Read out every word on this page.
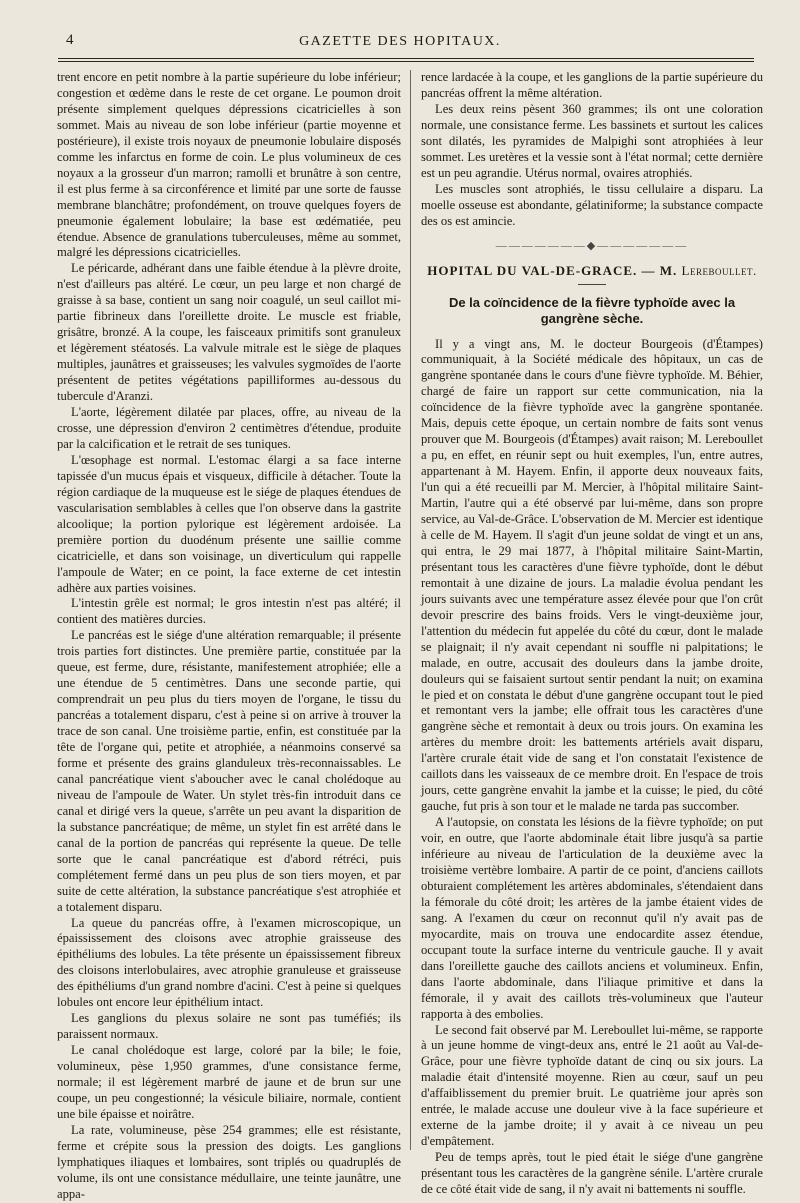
4	GAZETTE DES HOPITAUX.

trent encore en petit nombre à la partie supérieure du lobe inférieur; congestion et œdème dans le reste de cet organe. Le poumon droit présente simplement quelques dépressions cicatricielles à son sommet. Mais au niveau de son lobe inférieur (partie moyenne et postérieure), il existe trois noyaux de pneumonie lobulaire disposés comme les infarctus en forme de coin. Le plus volumineux de ces noyaux a la grosseur d'un marron; ramolli et brunâtre à son centre, il est plus ferme à sa circonférence et limité par une sorte de fausse membrane blanchâtre; profondément, on trouve quelques foyers de pneumonie également lobulaire; la base est œdématiée, peu étendue. Absence de granulations tuberculeuses, même au sommet, malgré les dépressions cicatricielles.

Le péricarde, adhérant dans une faible étendue à la plèvre droite, n'est d'ailleurs pas altéré. Le cœur, un peu large et non chargé de graisse à sa base, contient un sang noir coagulé, un seul caillot mi-partie fibrineux dans l'oreillette droite. Le muscle est friable, grisâtre, bronzé. A la coupe, les faisceaux primitifs sont granuleux et légèrement stéatosés. La valvule mitrale est le siège de plaques multiples, jaunâtres et graisseuses; les valvules sygmoïdes de l'aorte présentent de petites végétations papilliformes au-dessous du tubercule d'Aranzi.

L'aorte, légèrement dilatée par places, offre, au niveau de la crosse, une dépression d'environ 2 centimètres d'étendue, produite par la calcification et le retrait de ses tuniques.

L'œsophage est normal. L'estomac élargi a sa face interne tapissée d'un mucus épais et visqueux, difficile à détacher. Toute la région cardiaque de la muqueuse est le siége de plaques étendues de vascularisation semblables à celles que l'on observe dans la gastrite alcoolique; la portion pylorique est légèrement ardoisée. La première portion du duodénum présente une saillie comme cicatricielle, et dans son voisinage, un diverticulum qui rappelle l'ampoule de Water; en ce point, la face externe de cet intestin adhère aux parties voisines.

L'intestin grêle est normal; le gros intestin n'est pas altéré; il contient des matières durcies.

Le pancréas est le siége d'une altération remarquable; il présente trois parties fort distinctes. Une première partie, constituée par la queue, est ferme, dure, résistante, manifestement atrophiée; elle a une étendue de 5 centimètres. Dans une seconde partie, qui comprendrait un peu plus du tiers moyen de l'organe, le tissu du pancréas a totalement disparu, c'est à peine si on arrive à trouver la trace de son canal. Une troisième partie, enfin, est constituée par la tête de l'organe qui, petite et atrophiée, a néanmoins conservé sa forme et présente des grains glanduleux très-reconnaissables. Le canal pancréatique vient s'aboucher avec le canal cholédoque au niveau de l'ampoule de Water. Un stylet très-fin introduit dans ce canal et dirigé vers la queue, s'arrête un peu avant la disparition de la substance pancréatique; de même, un stylet fin est arrêté dans le canal de la portion de pancréas qui représente la queue. De telle sorte que le canal pancréatique est d'abord rétréci, puis complétement fermé dans un peu plus de son tiers moyen, et par suite de cette altération, la substance pancréatique s'est atrophiée et a totalement disparu.

La queue du pancréas offre, à l'examen microscopique, un épaississement des cloisons avec atrophie graisseuse des épithéliums des lobules. La tête présente un épaississement fibreux des cloisons interlobulaires, avec atrophie granuleuse et graisseuse des épithéliums d'un grand nombre d'acini. C'est à peine si quelques lobules ont encore leur épithélium intact.

Les ganglions du plexus solaire ne sont pas tuméfiés; ils paraissent normaux.

Le canal cholédoque est large, coloré par la bile; le foie, volumineux, pèse 1,950 grammes, d'une consistance ferme, normale; il est légèrement marbré de jaune et de brun sur une coupe, un peu congestionné; la vésicule biliaire, normale, contient une bile épaisse et noirâtre.

La rate, volumineuse, pèse 254 grammes; elle est résistante, ferme et crépite sous la pression des doigts. Les ganglions lymphatiques iliaques et lombaires, sont triplés ou quadruplés de volume, ils ont une consistance médullaire, une teinte jaunâtre, une appa-

rence lardacée à la coupe, et les ganglions de la partie supérieure du pancréas offrent la même altération.

Les deux reins pèsent 360 grammes; ils ont une coloration normale, une consistance ferme. Les bassinets et surtout les calices sont dilatés, les pyramides de Malpighi sont atrophiées à leur sommet. Les uretères et la vessie sont à l'état normal; cette dernière est un peu agrandie. Utérus normal, ovaires atrophiés.

Les muscles sont atrophiés, le tissu cellulaire a disparu. La moelle osseuse est abondante, gélatiniforme; la substance compacte des os est amincie.

———————◆———————
HOPITAL DU VAL-DE-GRACE. — M. Lereboullet.
De la coïncidence de la fièvre typhoïde avec la gangrène sèche.

Il y a vingt ans, M. le docteur Bourgeois (d'Étampes) communiquait, à la Société médicale des hôpitaux, un cas de gangrène spontanée dans le cours d'une fièvre typhoïde. M. Béhier, chargé de faire un rapport sur cette communication, nia la coïncidence de la fièvre typhoïde avec la gangrène spontanée. Mais, depuis cette époque, un certain nombre de faits sont venus prouver que M. Bourgeois (d'Étampes) avait raison; M. Lereboullet a pu, en effet, en réunir sept ou huit exemples, l'un, entre autres, appartenant à M. Hayem. Enfin, il apporte deux nouveaux faits, l'un qui a été recueilli par M. Mercier, à l'hôpital militaire Saint-Martin, l'autre qui a été observé par lui-même, dans son propre service, au Val-de-Grâce. L'observation de M. Mercier est identique à celle de M. Hayem. Il s'agit d'un jeune soldat de vingt et un ans, qui entra, le 29 mai 1877, à l'hôpital militaire Saint-Martin, présentant tous les caractères d'une fièvre typhoïde, dont le début remontait à une dizaine de jours. La maladie évolua pendant les jours suivants avec une température assez élevée pour que l'on crût devoir prescrire des bains froids. Vers le vingt-deuxième jour, l'attention du médecin fut appelée du côté du cœur, dont le malade se plaignait; il n'y avait cependant ni souffle ni palpitations; le malade, en outre, accusait des douleurs dans la jambe droite, douleurs qui se faisaient surtout sentir pendant la nuit; on examina le pied et on constata le début d'une gangrène occupant tout le pied et remontant vers la jambe; elle offrait tous les caractères d'une gangrène sèche et remontait à deux ou trois jours. On examina les artères du membre droit: les battements artériels avait disparu, l'artère crurale était vide de sang et l'on constatait l'existence de caillots dans les vaisseaux de ce membre droit. En l'espace de trois jours, cette gangrène envahit la jambe et la cuisse; le pied, du côté gauche, fut pris à son tour et le malade ne tarda pas succomber.

A l'autopsie, on constata les lésions de la fièvre typhoïde; on put voir, en outre, que l'aorte abdominale était libre jusqu'à sa partie inférieure au niveau de l'articulation de la deuxième avec la troisième vertèbre lombaire. A partir de ce point, d'anciens caillots obturaient complétement les artères abdominales, s'étendaient dans la fémorale du côté droit; les artères de la jambe étaient vides de sang. A l'examen du cœur on reconnut qu'il n'y avait pas de myocardite, mais on trouva une endocardite assez étendue, occupant toute la surface interne du ventricule gauche. Il y avait dans l'oreillette gauche des caillots anciens et volumineux. Enfin, dans l'aorte abdominale, dans l'iliaque primitive et dans la fémorale, il y avait des caillots très-volumineux que l'auteur rapporta à des embolies.

Le second fait observé par M. Lereboullet lui-même, se rapporte à un jeune homme de vingt-deux ans, entré le 21 août au Val-de-Grâce, pour une fièvre typhoïde datant de cinq ou six jours. La maladie était d'intensité moyenne. Rien au cœur, sauf un peu d'affaiblissement du premier bruit. Le quatrième jour après son entrée, le malade accuse une douleur vive à la face supérieure et externe de la jambe droite; il y avait à ce niveau un peu d'empâtement.

Peu de temps après, tout le pied était le siége d'une gangrène présentant tous les caractères de la gangrène sénile. L'artère crurale de ce côté était vide de sang, il n'y avait ni battements ni souffle.
